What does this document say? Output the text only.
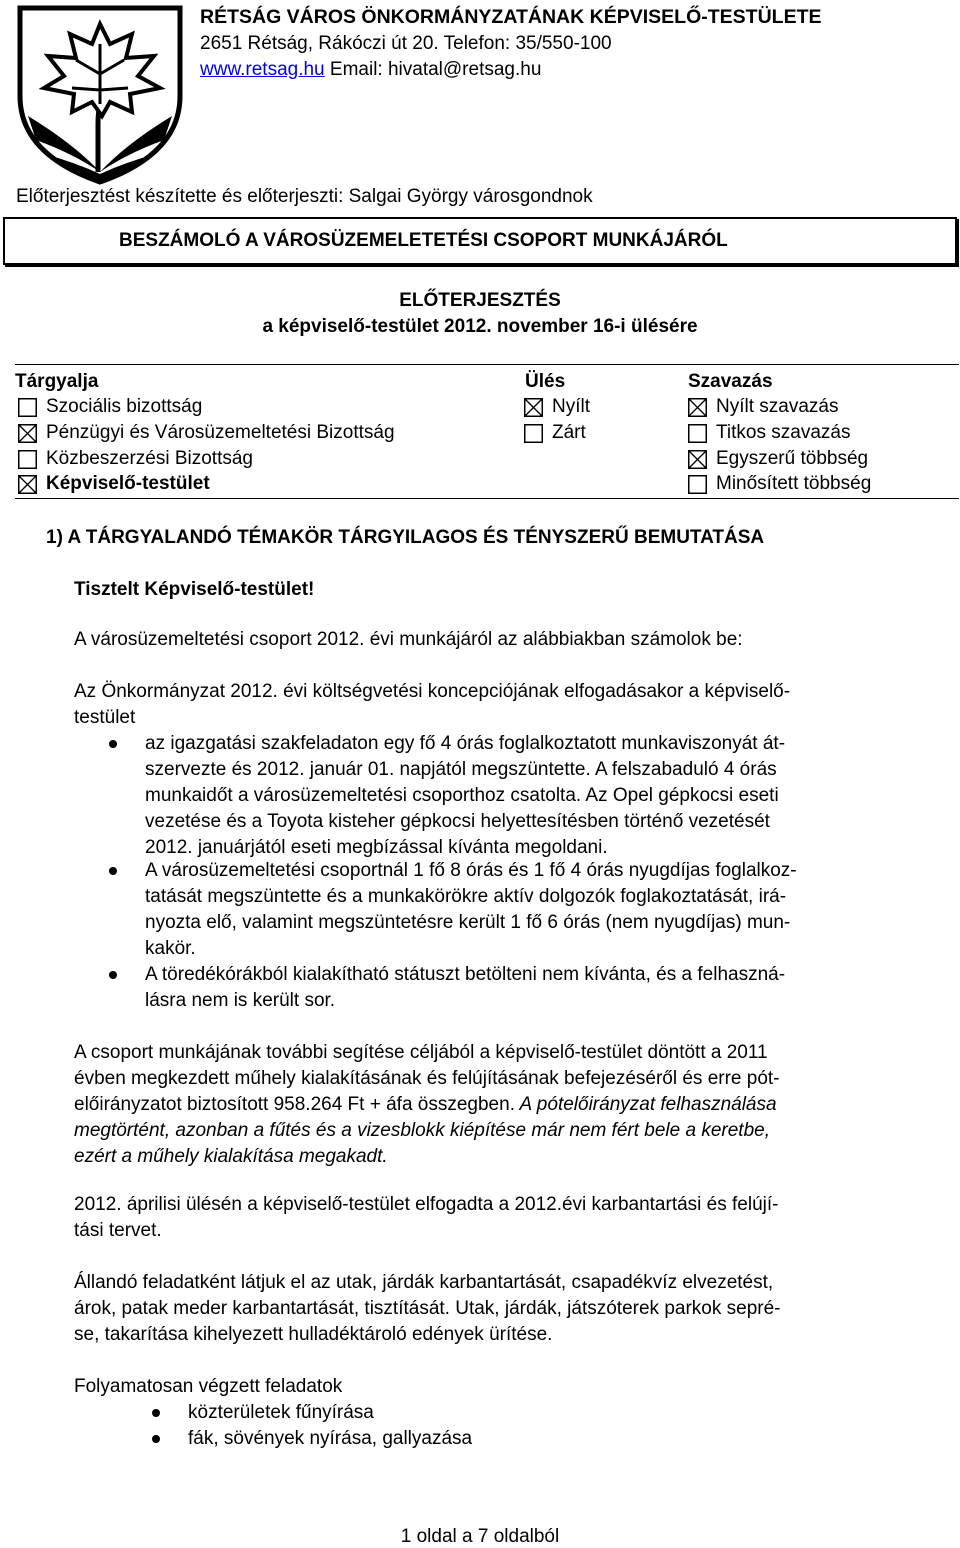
RÉTSÁG VÁROS ÖNKORMÁNYZATÁNAK KÉPVISELŐ-TESTÜLETE
2651 Rétság, Rákóczi út 20. Telefon: 35/550-100
www.retsag.hu Email: hivatal@retsag.hu
Előterjesztést készítette és előterjeszti: Salgai György városgondnok
BESZÁMOLÓ A VÁROSÜZEMELETETÉSI CSOPORT MUNKÁJÁRÓL
ELŐTERJESZTÉS
a képviselő-testület 2012. november 16-i ülésére
Tárgyalja	Ülés	Szavazás
Szociális bizottság
Pénzügyi és Városüzemeltetési Bizottság
Közbeszerzési Bizottság
Képviselő-testület
Nyílt
Zárt
Nyílt szavazás
Titkos szavazás
Egyszerű többség
Minősített többség
1) A TÁRGYALANDÓ TÉMAKÖR TÁRGYILAGOS ÉS TÉNYSZERŰ BEMUTATÁSA
Tisztelt Képviselő-testület!
A városüzemeltetési csoport 2012. évi munkájáról az alábbiakban számolok be:
Az Önkormányzat 2012. évi költségvetési koncepciójának elfogadásakor a képviselő-
testület
az igazgatási szakfeladaton egy fő 4 órás foglalkoztatott munkaviszonyát át-
szervezte és 2012. január 01. napjától megszüntette. A felszabaduló 4 órás
munkaidőt a városüzemeltetési csoporthoz csatolta. Az Opel gépkocsi eseti
vezetése és a Toyota kisteher gépkocsi helyettesítésben történő vezetését
2012. januárjától eseti megbízással kívánta megoldani.
A városüzemeltetési csoportnál 1 fő 8 órás és 1 fő 4 órás nyugdíjas foglalkoz-
tatását megszüntette és a munkakörökre aktív dolgozók foglakoztatását, irá-
nyozta elő, valamint megszüntetésre került 1 fő 6 órás (nem nyugdíjas) mun-
kakör.
A töredékórákból kialakítható státuszt betölteni nem kívánta, és a felhaszná-
lásra nem is került sor.
A csoport munkájának további segítése céljából a képviselő-testület döntött a 2011
évben megkezdett műhely kialakításának és felújításának befejezéséről és erre pót-
előirányzatot biztosított 958.264 Ft + áfa összegben. A pótelőirányzat felhasználása
megtörtént, azonban a fűtés és a vizesblokk kiépítése már nem fért bele a keretbe,
ezért a műhely kialakítása megakadt.
2012. áprilisi ülésén a képviselő-testület elfogadta a 2012.évi karbantartási és felújí-
tási tervet.
Állandó feladatként látjuk el az utak, járdák karbantartását, csapadékvíz elvezetést,
árok, patak meder karbantartását, tisztítását. Utak, járdák, játszóterek parkok sepré-
se, takarítása kihelyezett hulladéktároló edények ürítése.
Folyamatosan végzett feladatok
közterületek fűnyírása
fák, sövények nyírása, gallyazása
1 oldal a 7 oldalból
